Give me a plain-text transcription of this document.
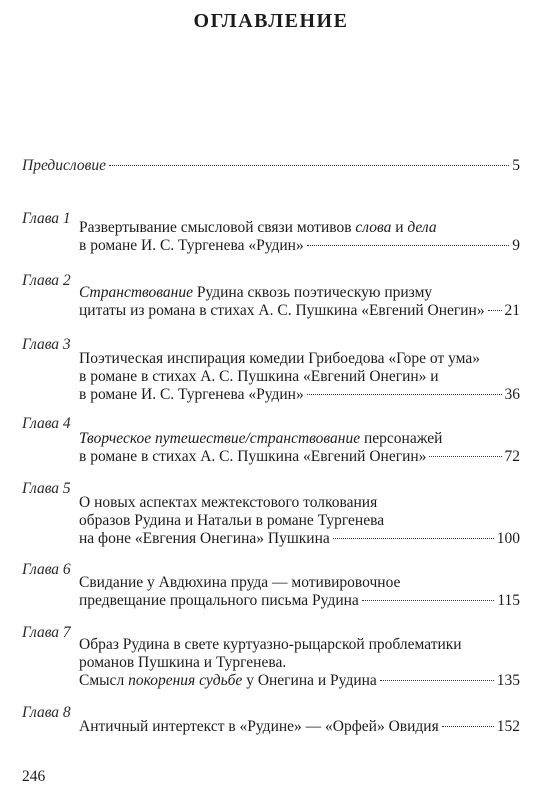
ОГЛАВЛЕНИЕ
Предисловие	5
Глава 1
Развертывание смысловой связи мотивов слова и дела
в романе И. С. Тургенева «Рудин»	9
Глава 2
Странствование Рудина сквозь поэтическую призму
цитаты из романа в стихах А. С. Пушкина «Евгений Онегин» 21
Глава 3
Поэтическая инспирация комедии Грибоедова «Горе от ума»
в романе в стихах А. С. Пушкина «Евгений Онегин» и
в романе И. С. Тургенева «Рудин»	36
Глава 4
Творческое путешествие/странствование персонажей
в романе в стихах А. С. Пушкина «Евгений Онегин»	72
Глава 5
О новых аспектах межтекстового толкования
образов Рудина и Натальи в романе Тургенева
на фоне «Евгения Онегина» Пушкина	100
Глава 6
Свидание у Авдюхина пруда — мотивировочное
предвещание прощального письма Рудина	115
Глава 7
Образ Рудина в свете куртуазно-рыцарской проблематики
романов Пушкина и Тургенева.
Смысл покорения судьбе у Онегина и Рудина	135
Глава 8
Античный интертекст в «Рудине» — «Орфей» Овидия	152
246
